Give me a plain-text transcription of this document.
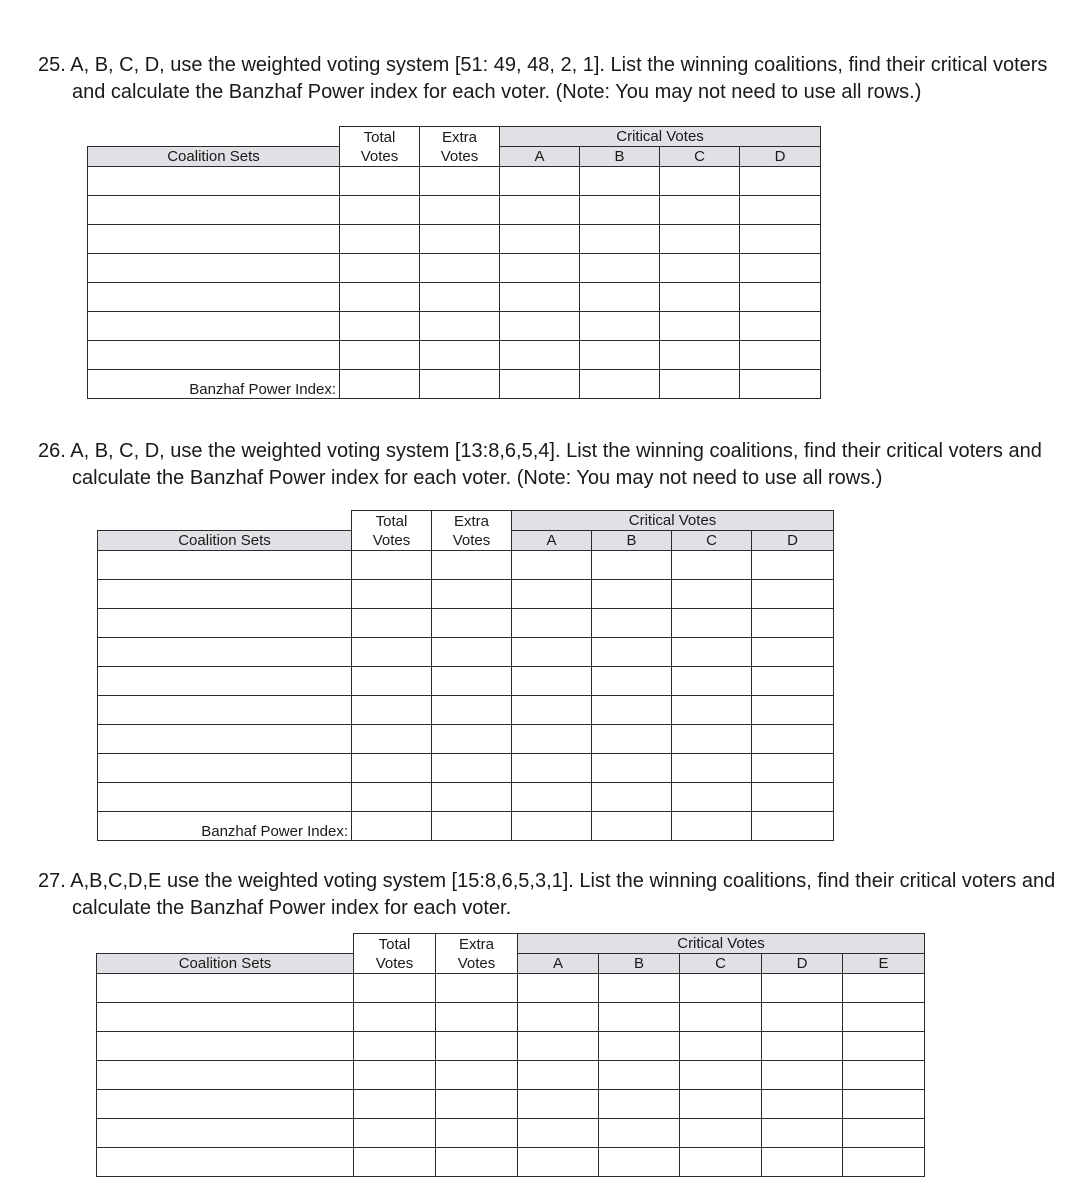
25. A, B, C, D, use the weighted voting system [51: 49, 48, 2, 1]. List the winning coalitions, find their critical voters
and calculate the Banzhaf Power index for each voter. (Note: You may not need to use all rows.)
	Total	Extra	Critical Votes			
Coalition Sets	Votes	Votes	A	B	C	D

Banzhaf Power Index:						
26. A, B, C, D, use the weighted voting system [13:8,6,5,4]. List the winning coalitions, find their critical voters and
calculate the Banzhaf Power index for each voter. (Note: You may not need to use all rows.)
	Total	Extra	Critical Votes			
Coalition Sets	Votes	Votes	A	B	C	D

Banzhaf Power Index:						
27. A,B,C,D,E use the weighted voting system [15:8,6,5,3,1]. List the winning coalitions, find their critical voters and
calculate the Banzhaf Power index for each voter.
	Total	Extra	Critical Votes				
Coalition Sets	Votes	Votes	A	B	C	D	E
